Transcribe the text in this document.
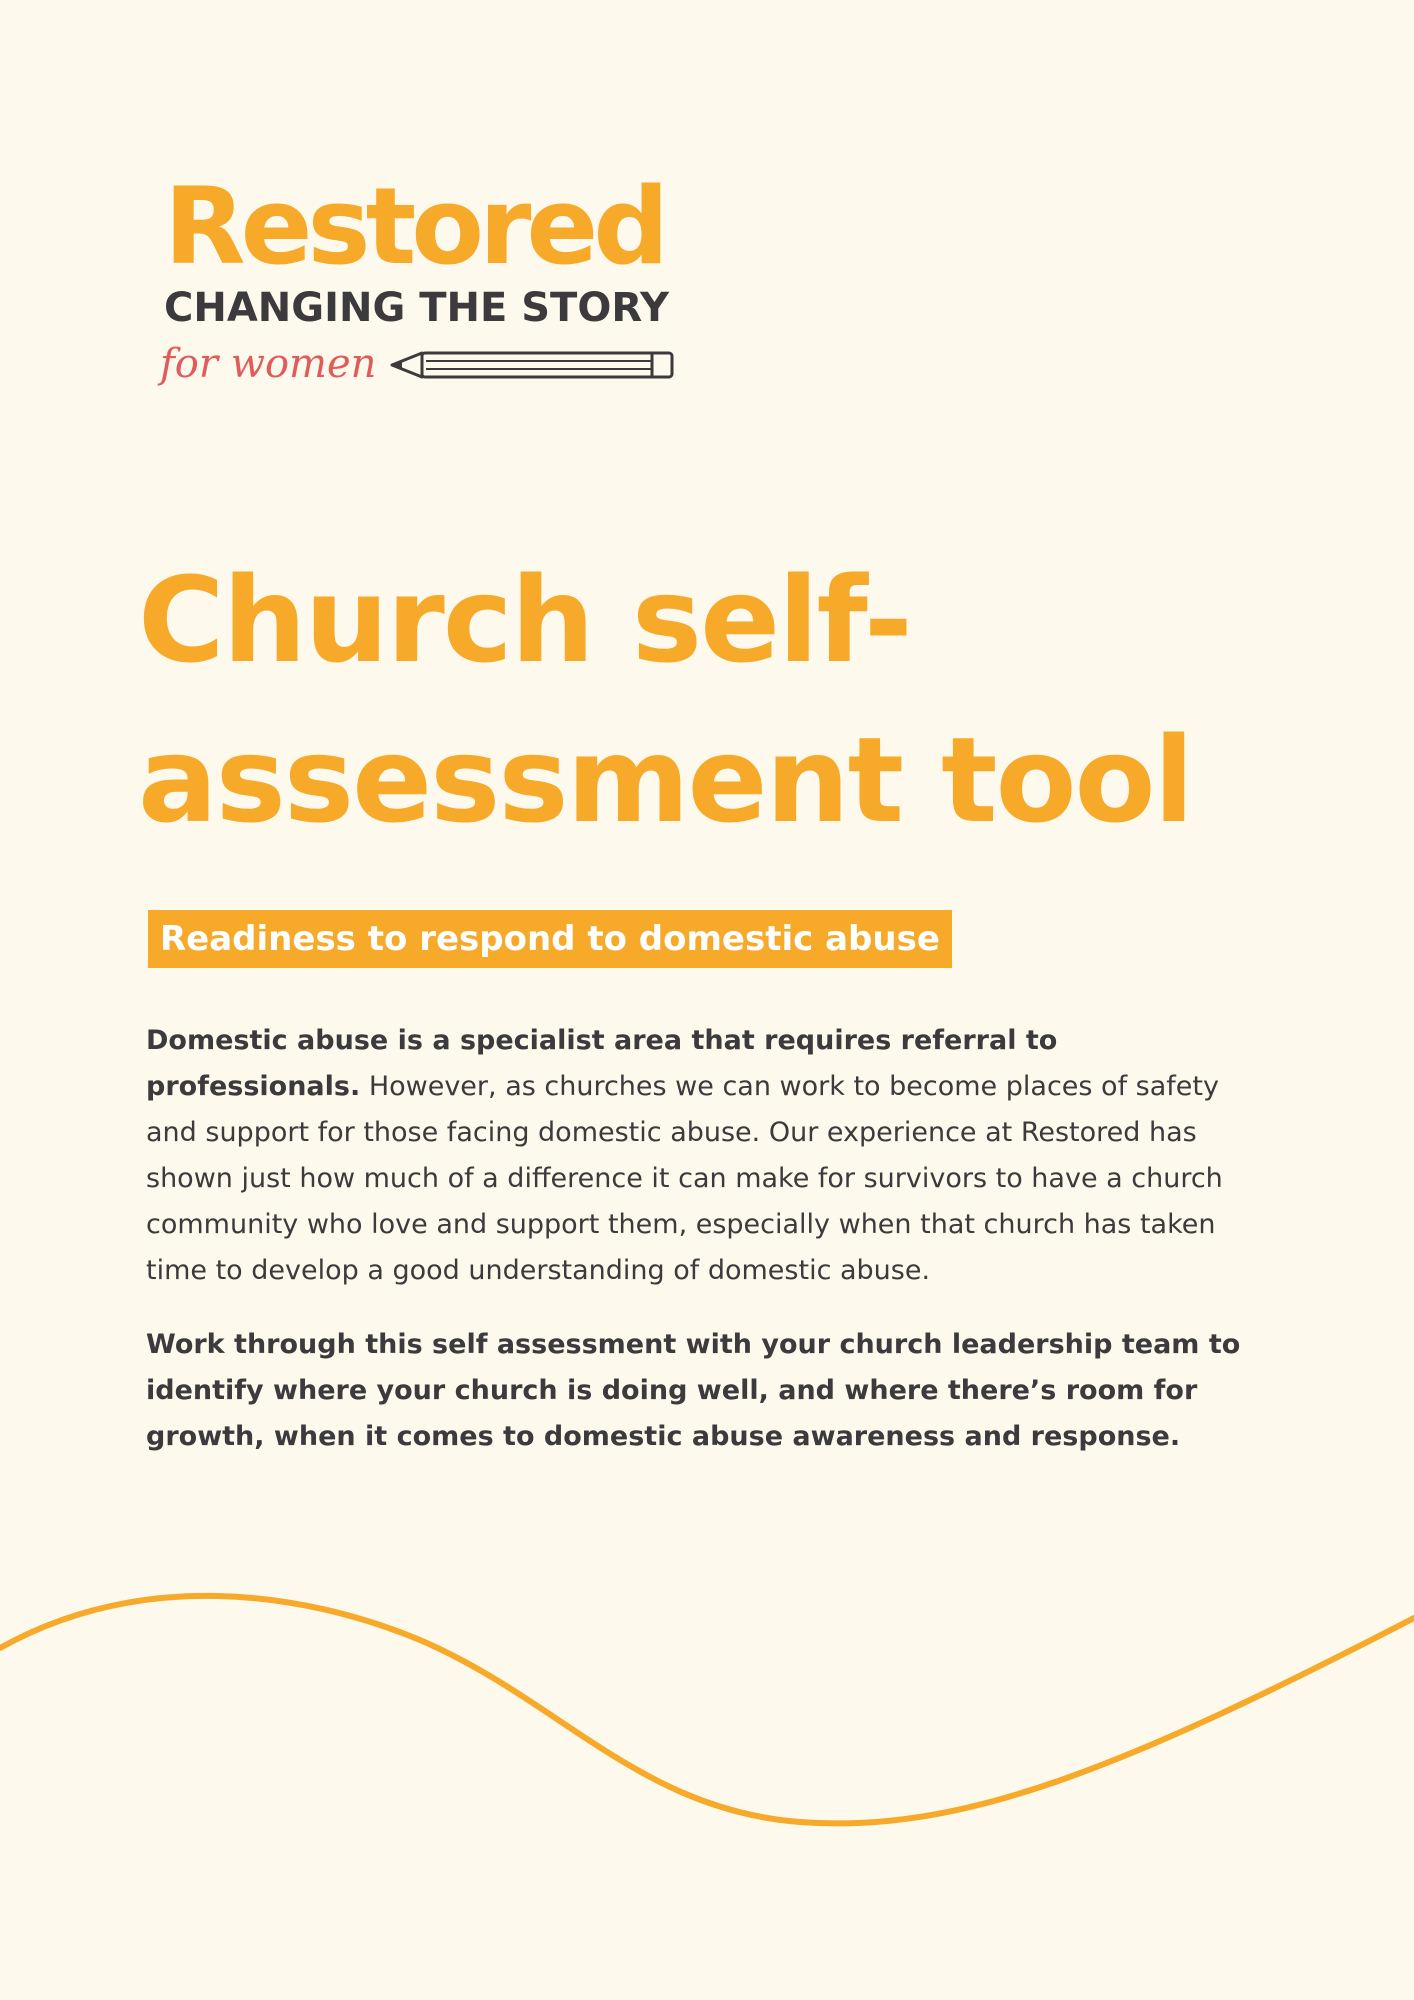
Restored
CHANGING THE STORY
for women
Church self-
assessment tool
Readiness to respond to domestic abuse

Domestic abuse is a specialist area that requires referral to professionals. However, as churches we can work to become places of safety and support for those facing domestic abuse. Our experience at Restored has shown just how much of a difference it can make for survivors to have a church community who love and support them, especially when that church has taken time to develop a good understanding of domestic abuse.

Work through this self assessment with your church leadership team to identify where your church is doing well, and where there’s room for growth, when it comes to domestic abuse awareness and response.
